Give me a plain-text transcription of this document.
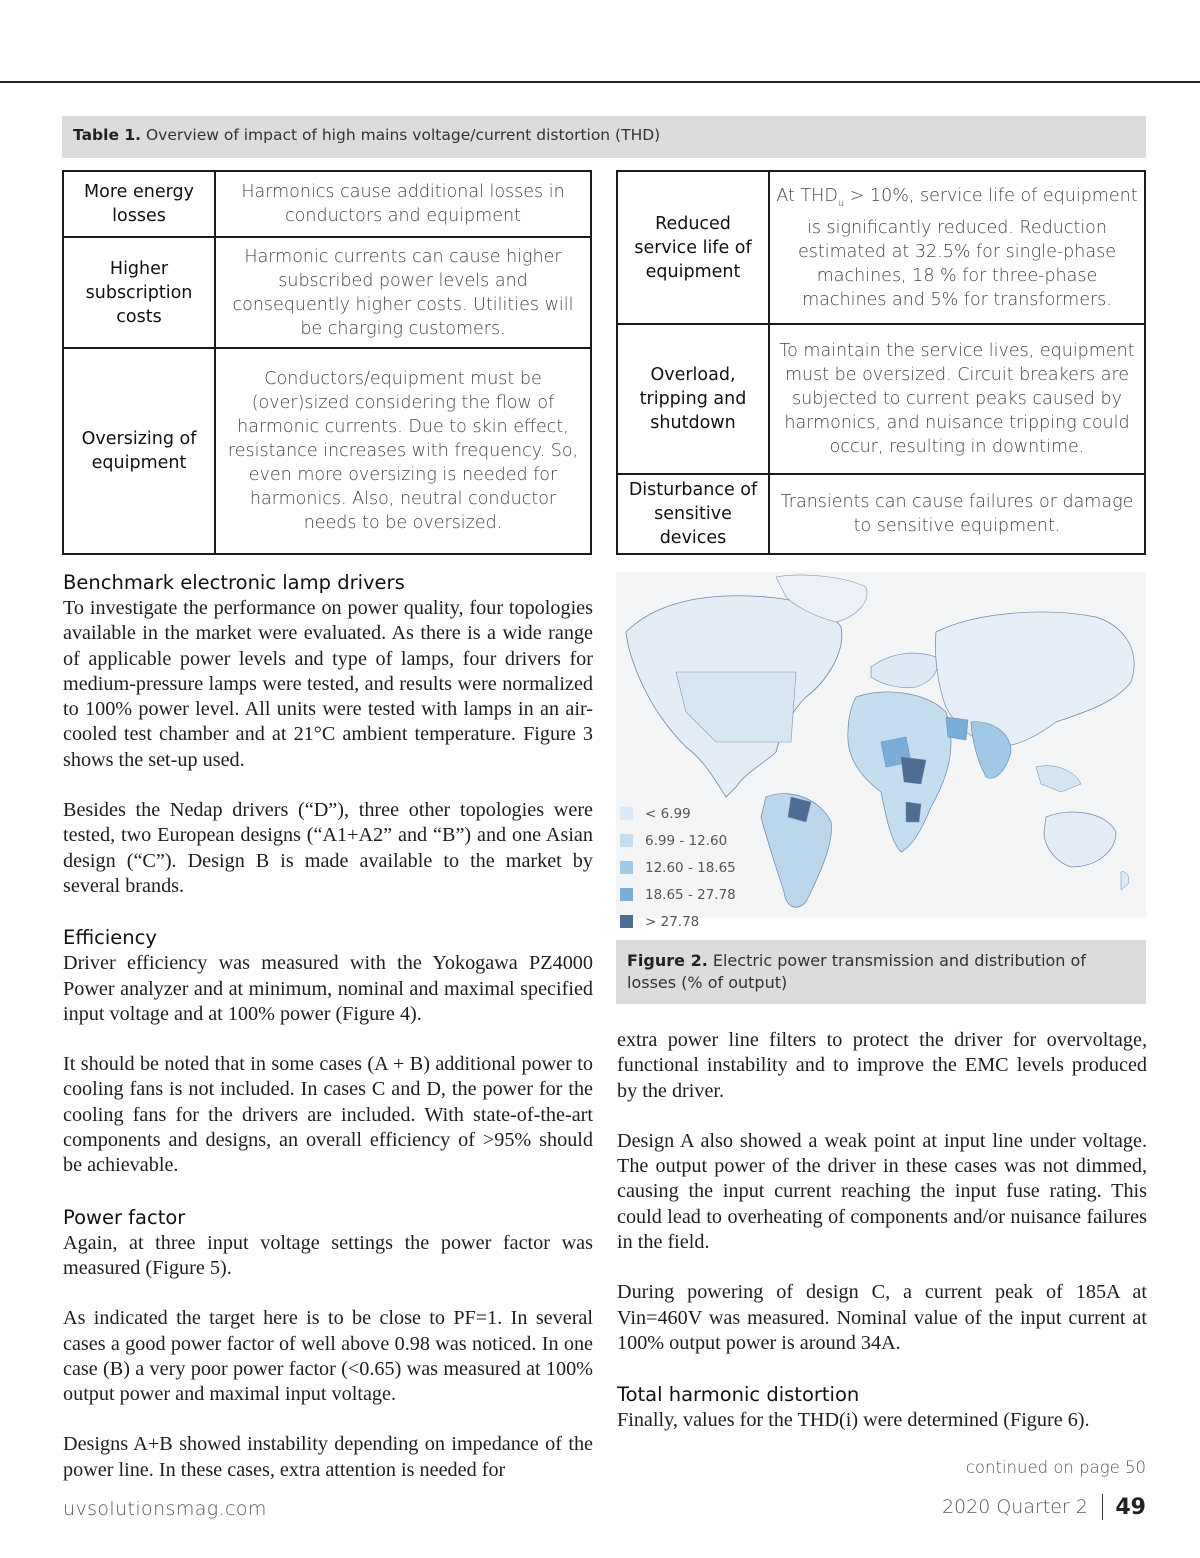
Table 1. Overview of impact of high mains voltage/current distortion (THD)
More energy losses	Harmonics cause additional losses in conductors and equipment
Higher subscription costs	Harmonic currents can cause higher subscribed power levels and consequently higher costs. Utilities will be charging customers.
Oversizing of equipment	Conductors/equipment must be (over)sized considering the flow of harmonic currents. Due to skin effect, resistance increases with frequency. So, even more oversizing is needed for harmonics. Also, neutral conductor needs to be oversized.
Reduced service life of equipment	At $THD_u > 10\%$, service life of equipment is significantly reduced. Reduction estimated at 32.5% for single-phase machines, 18 % for three-phase machines and 5% for transformers.
Overload, tripping and shutdown	To maintain the service lives, equipment must be oversized. Circuit breakers are subjected to current peaks caused by harmonics, and nuisance tripping could occur, resulting in downtime.
Disturbance of sensitive devices	Transients can cause failures or damage to sensitive equipment.
Benchmark electronic lamp drivers

To investigate the performance on power quality, four topologies available in the market were evaluated. As there is a wide range of applicable power levels and type of lamps, four drivers for medium-pressure lamps were tested, and results were normalized to 100% power level. All units were tested with lamps in an air-cooled test chamber and at 21°C ambient temperature. Figure 3 shows the set-up used.

Besides the Nedap drivers (“D”), three other topologies were tested, two European designs (“A1+A2” and “B”) and one Asian design (“C”). Design B is made available to the market by several brands.

Efficiency

Driver efficiency was measured with the Yokogawa PZ4000 Power analyzer and at minimum, nominal and maximal specified input voltage and at 100% power (Figure 4).

It should be noted that in some cases (A + B) additional power to cooling fans is not included. In cases C and D, the power for the cooling fans for the drivers are included. With state-of-the-art components and designs, an overall efficiency of >95% should be achievable.

Power factor

Again, at three input voltage settings the power factor was measured (Figure 5).

As indicated the target here is to be close to PF=1. In several cases a good power factor of well above 0.98 was noticed. In one case (B) a very poor power factor (<0.65) was measured at 100% output power and maximal input voltage.

Designs A+B showed instability depending on impedance of the power line. In these cases, extra attention is needed for

< 6.99
6.99 - 12.60
12.60 - 18.65
18.65 - 27.78
> 27.78
Figure 2. Electric power transmission and distribution of losses (% of output)

extra power line filters to protect the driver for overvoltage, functional instability and to improve the EMC levels produced by the driver.

Design A also showed a weak point at input line under voltage. The output power of the driver in these cases was not dimmed, causing the input current reaching the input fuse rating. This could lead to overheating of components and/or nuisance failures in the field.

During powering of design C, a current peak of 185A at Vin=460V was measured. Nominal value of the input current at 100% output power is around 34A.

Total harmonic distortion

Finally, values for the THD(i) were determined (Figure 6).

continued on page 50
uvsolutionsmag.com	2020 Quarter 2 49
